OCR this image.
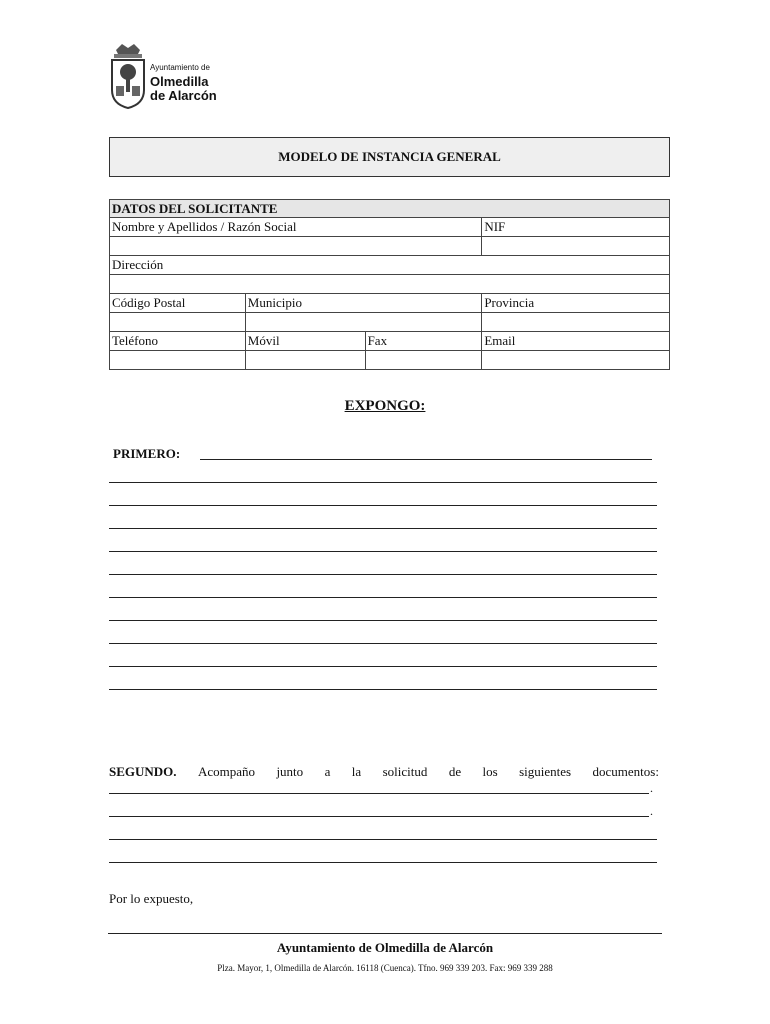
Ayuntamiento de
Olmedilla
de Alarcón
MODELO DE INSTANCIA GENERAL
DATOS DEL SOLICITANTE			
Nombre y Apellidos / Razón Social			NIF

Dirección			

Código Postal	Municipio		Provincia

Teléfono	Móvil	Fax	Email

EXPONGO:
PRIMERO:
SEGUNDO. Acompaño junto a la solicitud de los siguientes documentos:
.
.
Por lo expuesto,
Ayuntamiento de Olmedilla de Alarcón
Plza. Mayor, 1, Olmedilla de Alarcón. 16118 (Cuenca). Tfno. 969 339 203. Fax: 969 339 288
